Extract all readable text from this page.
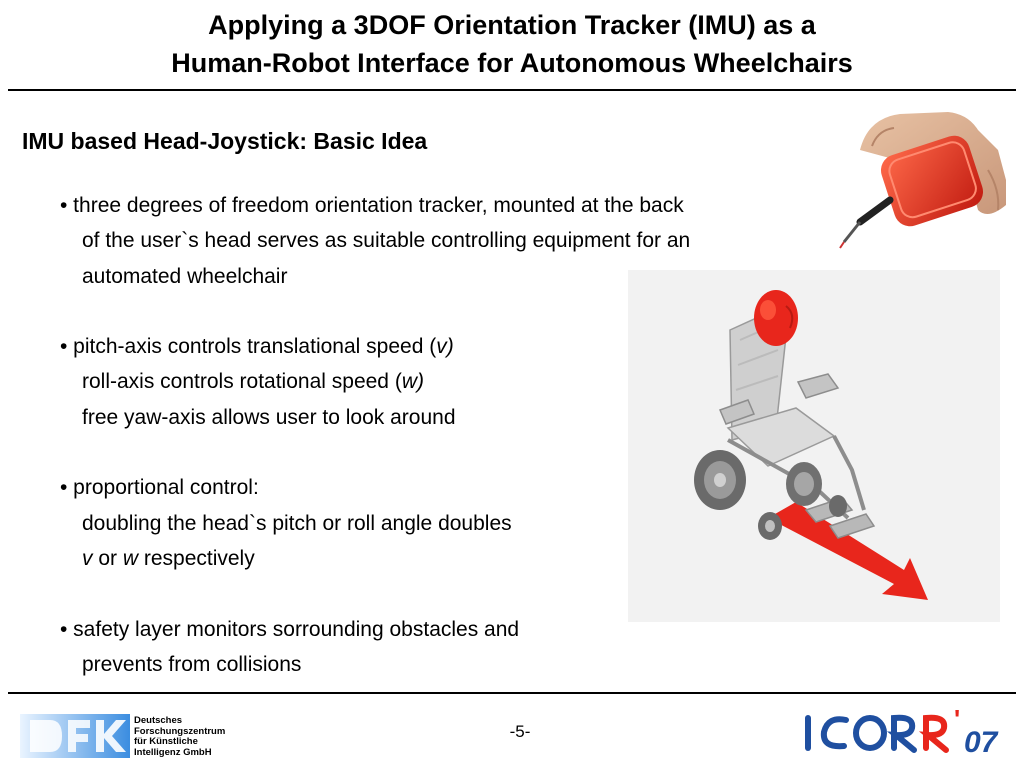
Applying a 3DOF Orientation Tracker (IMU) as a
Human-Robot Interface for Autonomous Wheelchairs
IMU based Head-Joystick: Basic Idea
• three degrees of freedom orientation tracker, mounted at the back
of the user`s head serves as suitable controlling equipment for an
automated wheelchair
• pitch-axis controls translational speed (v)
roll-axis controls rotational speed (w)
free yaw-axis allows user to look around
• proportional control:
doubling the head`s pitch or roll angle doubles
v or w respectively
• safety layer monitors sorrounding obstacles and
prevents from collisions
Deutsches
Forschungszentrum
für Künstliche
Intelligenz GmbH
-5-	'
07
